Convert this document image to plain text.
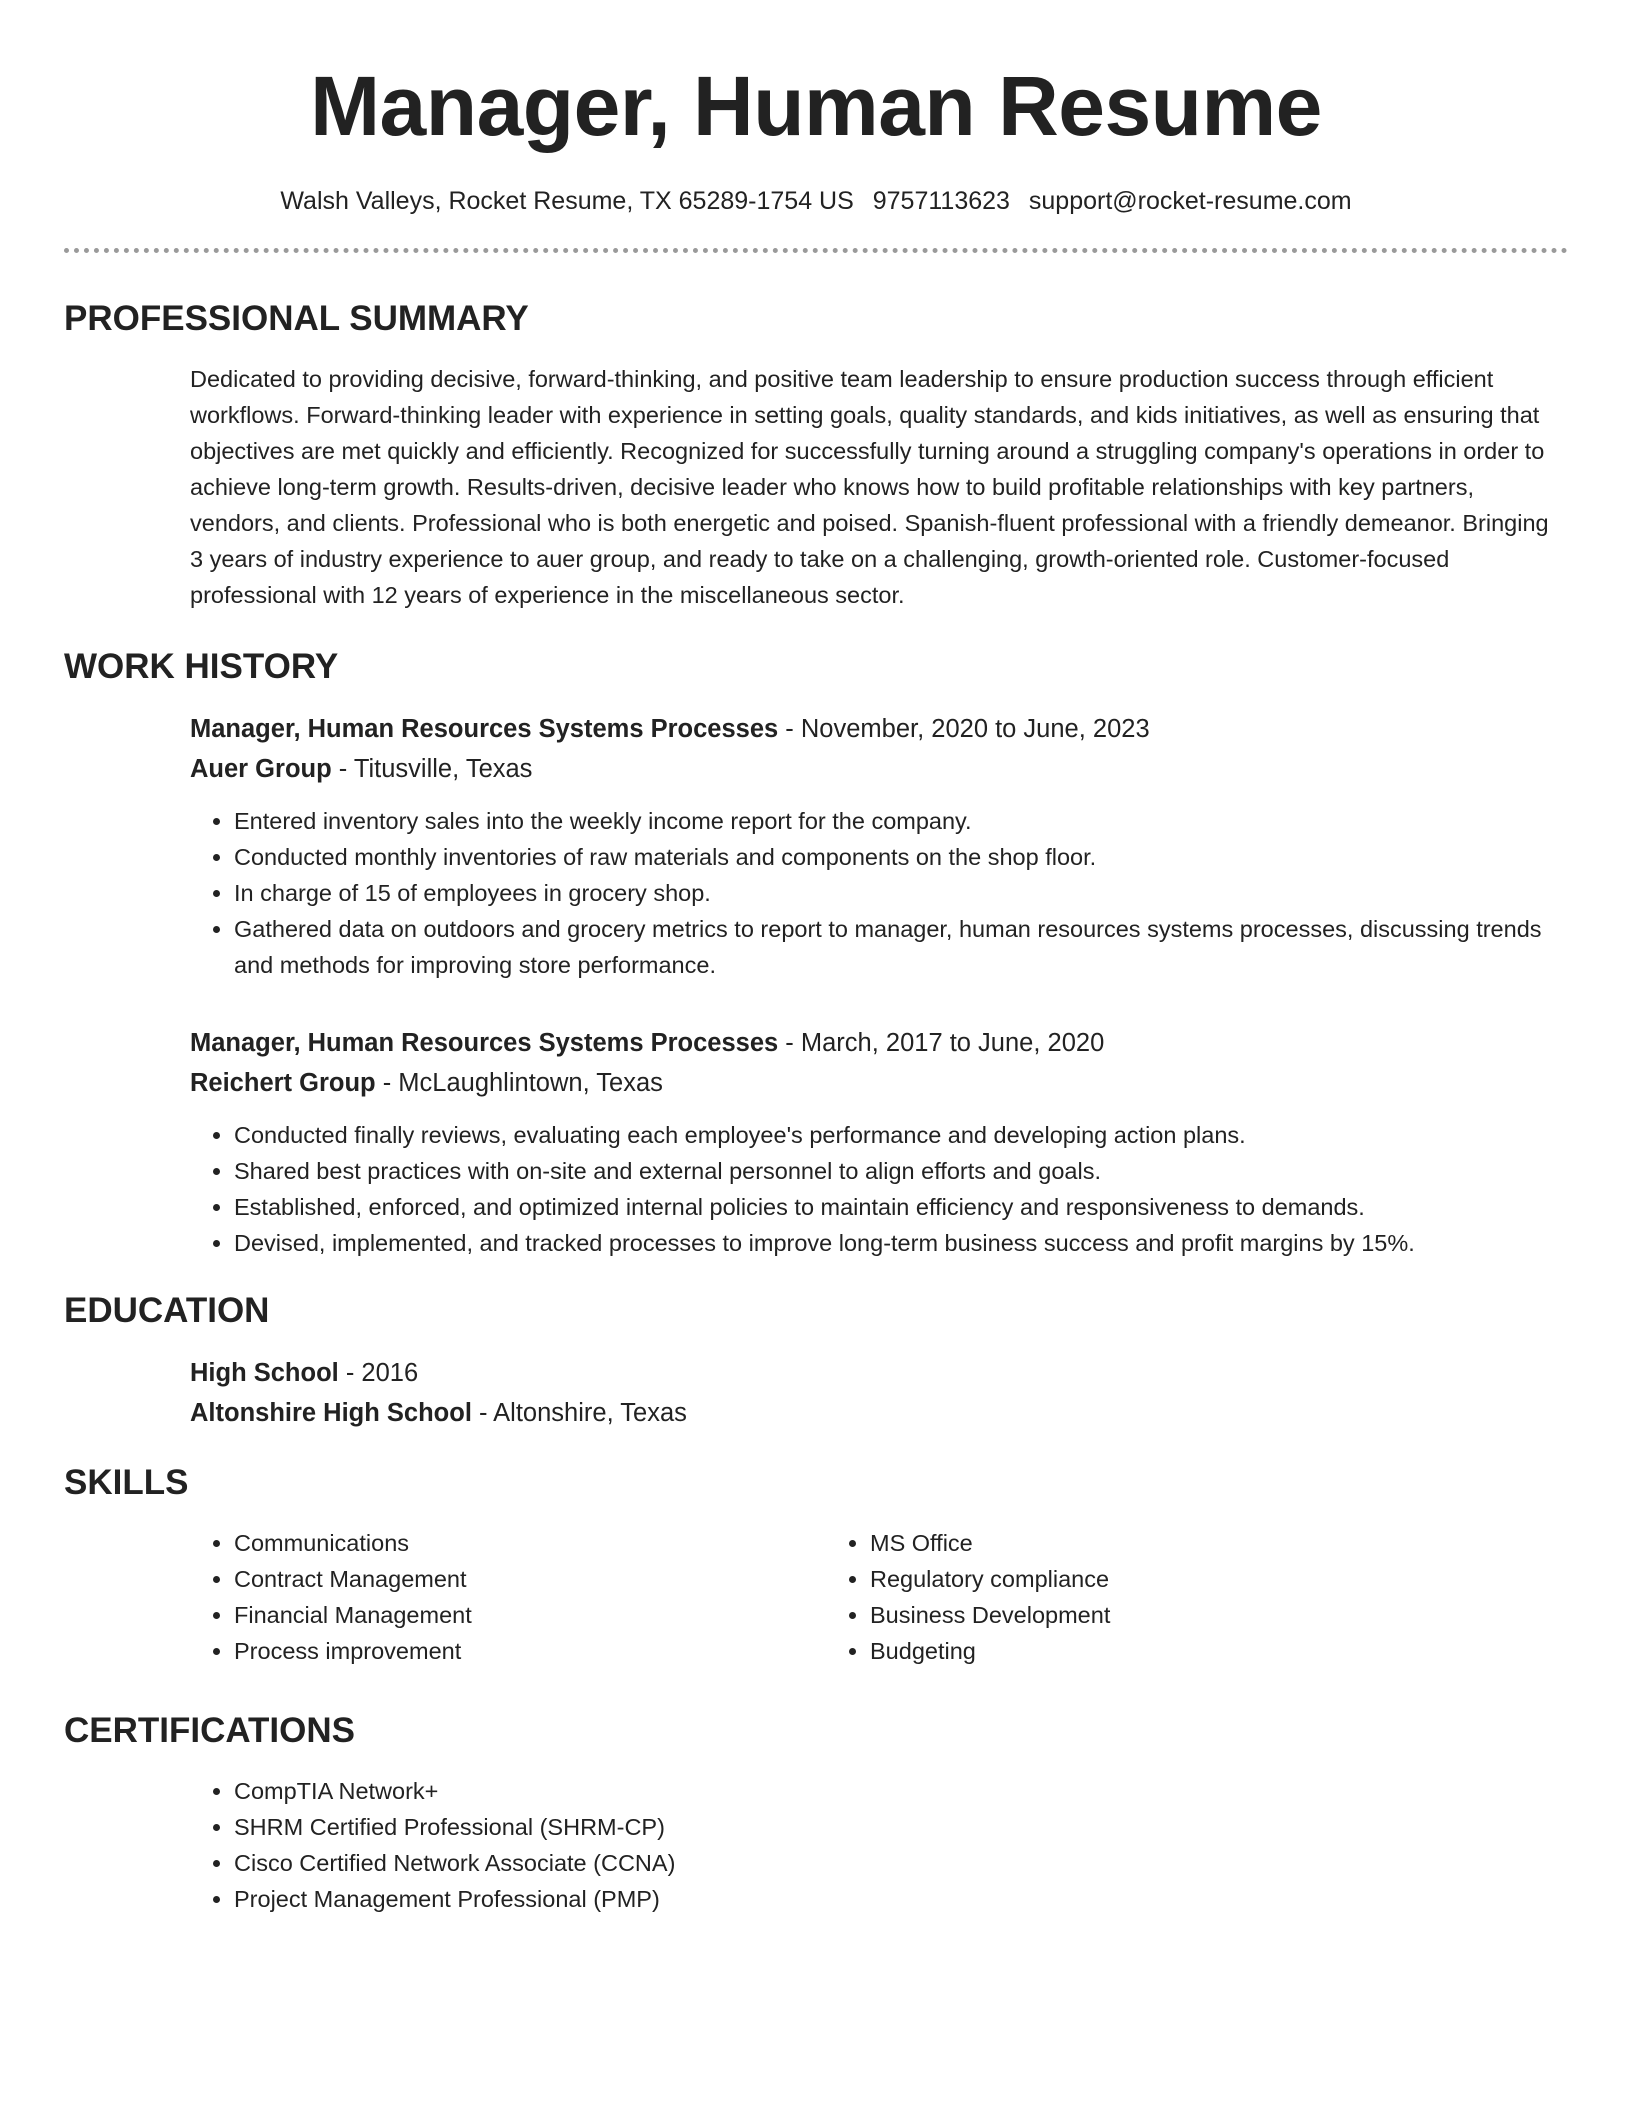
Manager, Human Resume
Walsh Valleys, Rocket Resume, TX 65289-1754 US 9757113623 support@rocket-resume.com
PROFESSIONAL SUMMARY

Dedicated to providing decisive, forward-thinking, and positive team leadership to ensure production success through efficient workflows. Forward-thinking leader with experience in setting goals, quality standards, and kids initiatives, as well as ensuring that objectives are met quickly and efficiently. Recognized for successfully turning around a struggling company's operations in order to achieve long-term growth. Results-driven, decisive leader who knows how to build profitable relationships with key partners, vendors, and clients. Professional who is both energetic and poised. Spanish-fluent professional with a friendly demeanor. Bringing 3 years of industry experience to auer group, and ready to take on a challenging, growth-oriented role. Customer-focused professional with 12 years of experience in the miscellaneous sector.

WORK HISTORY
Manager, Human Resources Systems Processes - November, 2020 to June, 2023
Auer Group - Titusville, Texas
• Entered inventory sales into the weekly income report for the company.
• Conducted monthly inventories of raw materials and components on the shop floor.
• In charge of 15 of employees in grocery shop.
• Gathered data on outdoors and grocery metrics to report to manager, human resources systems processes, discussing trends and methods for improving store performance.
Manager, Human Resources Systems Processes - March, 2017 to June, 2020
Reichert Group - McLaughlintown, Texas
• Conducted finally reviews, evaluating each employee's performance and developing action plans.
• Shared best practices with on-site and external personnel to align efforts and goals.
• Established, enforced, and optimized internal policies to maintain efficiency and responsiveness to demands.
• Devised, implemented, and tracked processes to improve long-term business success and profit margins by 15%.
EDUCATION
High School - 2016
Altonshire High School - Altonshire, Texas
SKILLS
• Communications
• Contract Management
• Financial Management
• Process improvement
• MS Office
• Regulatory compliance
• Business Development
• Budgeting
CERTIFICATIONS
• CompTIA Network+
• SHRM Certified Professional (SHRM-CP)
• Cisco Certified Network Associate (CCNA)
• Project Management Professional (PMP)
